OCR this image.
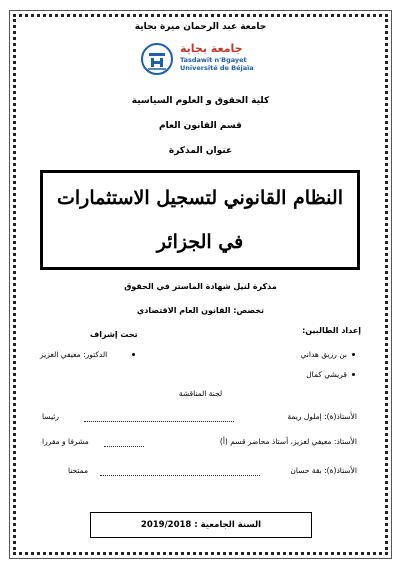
جامعة عبد الرحمان ميرة بجاية
جامعة بجاية
Tasdawit n'Bgayet
Université de Béjaïa
كلية الحقوق و العلوم السياسية
قسم القانون العام
عنوان المذكرة
النظام القانوني لتسجيل الاستثمارات
في الجزائر
مذكرة لنيل شهادة الماستر في الحقوق
تخصص: القانون العام الاقتصادي
إعداد الطالبين:
تحت إشراف
بن رزيق هداني
قريشي كمال
الدكتور: معيفي العزيز
لجنة المناقشة
الأستاذ(ة): إملول ريمة
رئيسا
الأستاذ: معيفي لعزيز، أستاذ محاضر قسم (أ)
مشرفا و مقررا
الأستاذ(ة): بقة حسان
ممتحنا
السنة الجامعية : 2019/2018
